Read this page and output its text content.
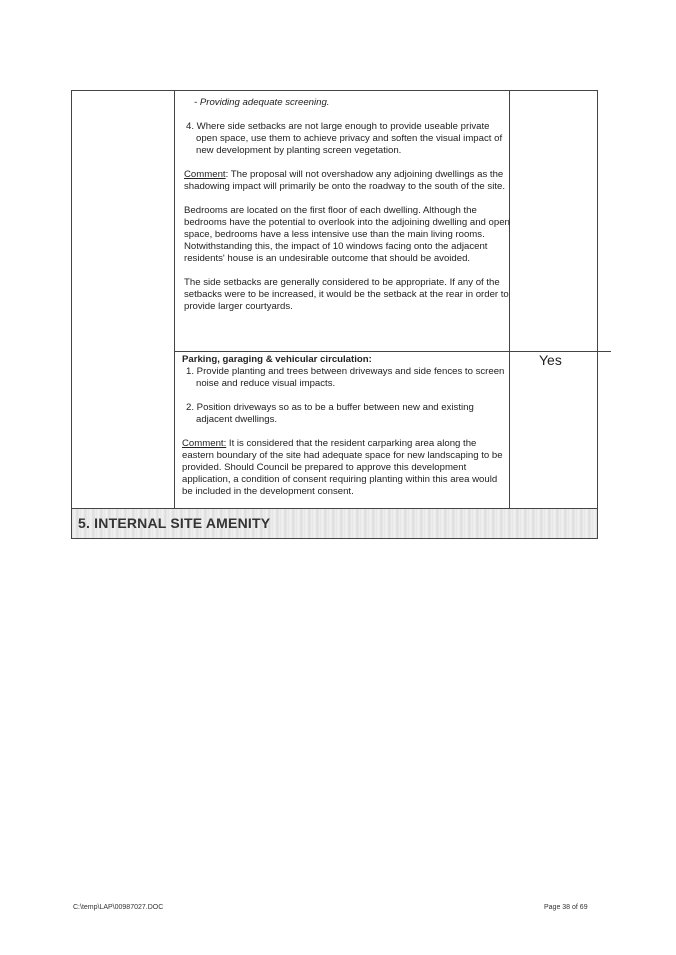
- Providing adequate screening.

4. Where side setbacks are not large enough to provide useable private open space, use them to achieve privacy and soften the visual impact of new development by planting screen vegetation.

Comment: The proposal will not overshadow any adjoining dwellings as the shadowing impact will primarily be onto the roadway to the south of the site.

Bedrooms are located on the first floor of each dwelling. Although the bedrooms have the potential to overlook into the adjoining dwelling and open space, bedrooms have a less intensive use than the main living rooms. Notwithstanding this, the impact of 10 windows facing onto the adjacent residents' house is an undesirable outcome that should be avoided.

The side setbacks are generally considered to be appropriate. If any of the setbacks were to be increased, it would be the setback at the rear in order to provide larger courtyards.

Parking, garaging & vehicular circulation:

1. Provide planting and trees between driveways and side fences to screen noise and reduce visual impacts.

2. Position driveways so as to be a buffer between new and existing adjacent dwellings.

Comment: It is considered that the resident carparking area along the eastern boundary of the site had adequate space for new landscaping to be provided. Should Council be prepared to approve this development application, a condition of consent requiring planting within this area would be included in the development consent.

Yes
5. INTERNAL SITE AMENITY
C:\temp\LAP\00987027.DOC	Page 38 of 69
